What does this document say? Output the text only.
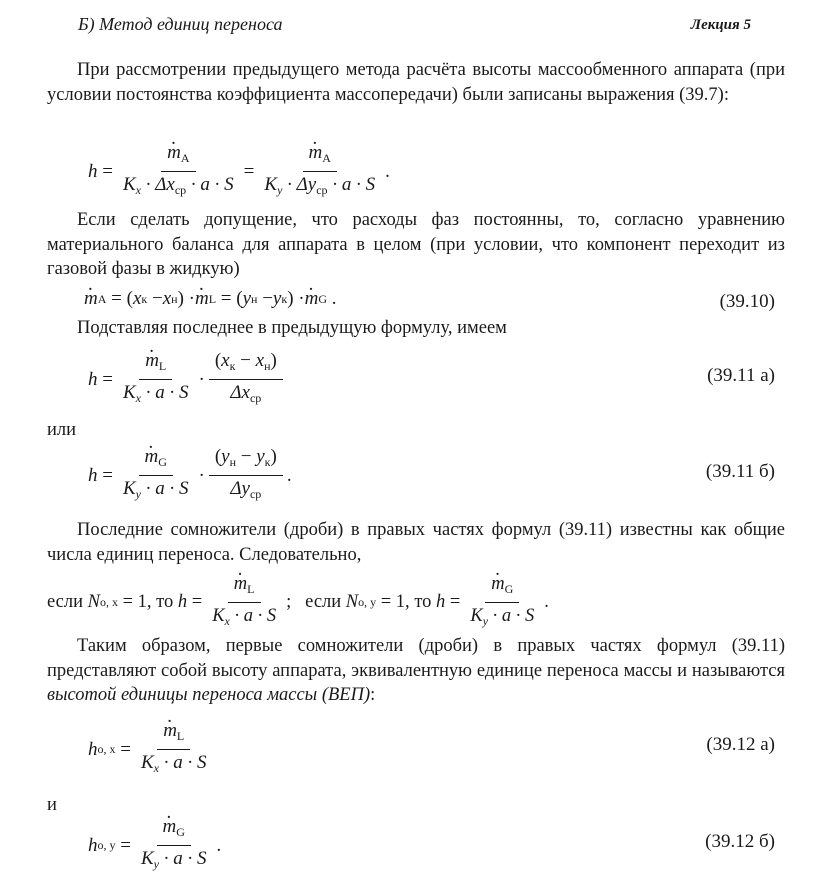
Б) Метод единиц переноса	Лекция 5

При рассмотрении предыдущего метода расчёта высоты массообменного аппарата (при условии постоянства коэффициента массопередачи) были записаны выражения (39.7):

h = . $\frac{m_A}{K_x \cdot \Delta x_{ср} \cdot a \cdot S}$ = . $\frac{m_A}{K_y \cdot \Delta y_{ср} \cdot a \cdot S}$ .

Если сделать допущение, что расходы фаз постоянны, то, согласно уравнению материального баланса для аппарата в целом (при условии, что компонент переходит из газовой фазы в жидкую)

. m A = ( x к − x н ) · . m L = ( y н − y к ) · . m G .	(39.10)

Подставляя последнее в предыдущую формулу, имеем

h = . $\frac{m_L}{K_x \cdot a \cdot S} \cdot \frac{(x_к - x_н)}{\Delta x_{ср}}$	(39.11 а)
или
h = . $\frac{m_G}{K_y \cdot a \cdot S} \cdot \frac{(y_н - y_к)}{\Delta y_{ср}}$ .	(39.11 б)

Последние сомножители (дроби) в правых частях формул (39.11) известны как общие числа единиц переноса. Следовательно,

если N о, x = 1, то h = . $\frac{m_L}{K_x \cdot a \cdot S}$ ; если N о, y = 1, то h = . $\frac{m_G}{K_y \cdot a \cdot S}$ .

Таким образом, первые сомножители (дроби) в правых частях формул (39.11) представляют собой высоту аппарата, эквивалентную единице переноса массы и называются высотой единицы переноса массы (ВЕП):

h о, x = . $\frac{m_L}{K_x \cdot a \cdot S}$	(39.12 а)
и
h о, y = . $\frac{m_G}{K_y \cdot a \cdot S}$ .	(39.12 б)
